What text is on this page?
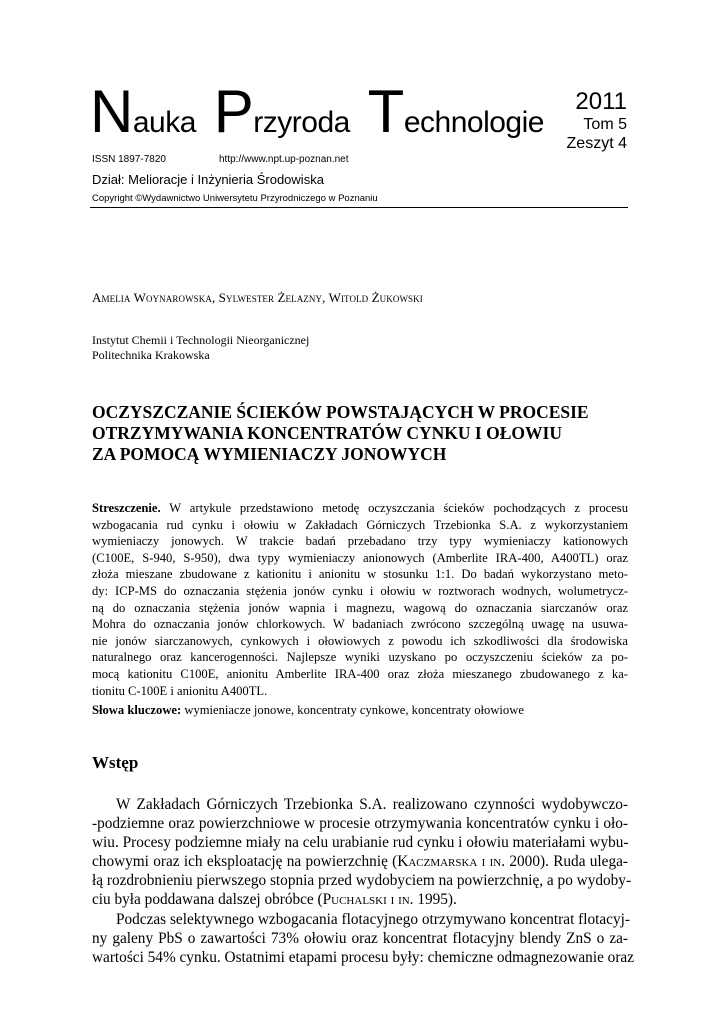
Nauka Przyroda Technologie
2011
Tom 5
Zeszyt 4
ISSN 1897-7820	http://www.npt.up-poznan.net
Dział: Melioracje i Inżynieria Środowiska
Copyright ©Wydawnictwo Uniwersytetu Przyrodniczego w Poznaniu
Amelia Woynarowska, Sylwester Żelazny, Witold Żukowski
Instytut Chemii i Technologii Nieorganicznej
Politechnika Krakowska
OCZYSZCZANIE ŚCIEKÓW POWSTAJĄCYCH W PROCESIE
OTRZYMYWANIA KONCENTRATÓW CYNKU I OŁOWIU
ZA POMOCĄ WYMIENIACZY JONOWYCH
Streszczenie. W artykule przedstawiono metodę oczyszczania ścieków pochodzących z procesu
wzbogacania rud cynku i ołowiu w Zakładach Górniczych Trzebionka S.A. z wykorzystaniem
wymieniaczy jonowych. W trakcie badań przebadano trzy typy wymieniaczy kationowych
(C100E, S-940, S-950), dwa typy wymieniaczy anionowych (Amberlite IRA-400, A400TL) oraz
złoża mieszane zbudowane z kationitu i anionitu w stosunku 1:1. Do badań wykorzystano meto-
dy: ICP-MS do oznaczania stężenia jonów cynku i ołowiu w roztworach wodnych, wolumetrycz-
ną do oznaczania stężenia jonów wapnia i magnezu, wagową do oznaczania siarczanów oraz
Mohra do oznaczania jonów chlorkowych. W badaniach zwrócono szczególną uwagę na usuwa-
nie jonów siarczanowych, cynkowych i ołowiowych z powodu ich szkodliwości dla środowiska
naturalnego oraz kancerogenności. Najlepsze wyniki uzyskano po oczyszczeniu ścieków za po-
mocą kationitu C100E, anionitu Amberlite IRA-400 oraz złoża mieszanego zbudowanego z ka-
tionitu C-100E i anionitu A400TL.
Słowa kluczowe: wymieniacze jonowe, koncentraty cynkowe, koncentraty ołowiowe
Wstęp
W Zakładach Górniczych Trzebionka S.A. realizowano czynności wydobywczo-
-podziemne oraz powierzchniowe w procesie otrzymywania koncentratów cynku i oło-
wiu. Procesy podziemne miały na celu urabianie rud cynku i ołowiu materiałami wybu-
chowymi oraz ich eksploatację na powierzchnię (Kaczmarska i in. 2000). Ruda ulega-
łą rozdrobnieniu pierwszego stopnia przed wydobyciem na powierzchnię, a po wydoby-
ciu była poddawana dalszej obróbce (Puchalski i in. 1995).
Podczas selektywnego wzbogacania flotacyjnego otrzymywano koncentrat flotacyj-
ny galeny PbS o zawartości 73% ołowiu oraz koncentrat flotacyjny blendy ZnS o za-
wartości 54% cynku. Ostatnimi etapami procesu były: chemiczne odmagnezowanie oraz
